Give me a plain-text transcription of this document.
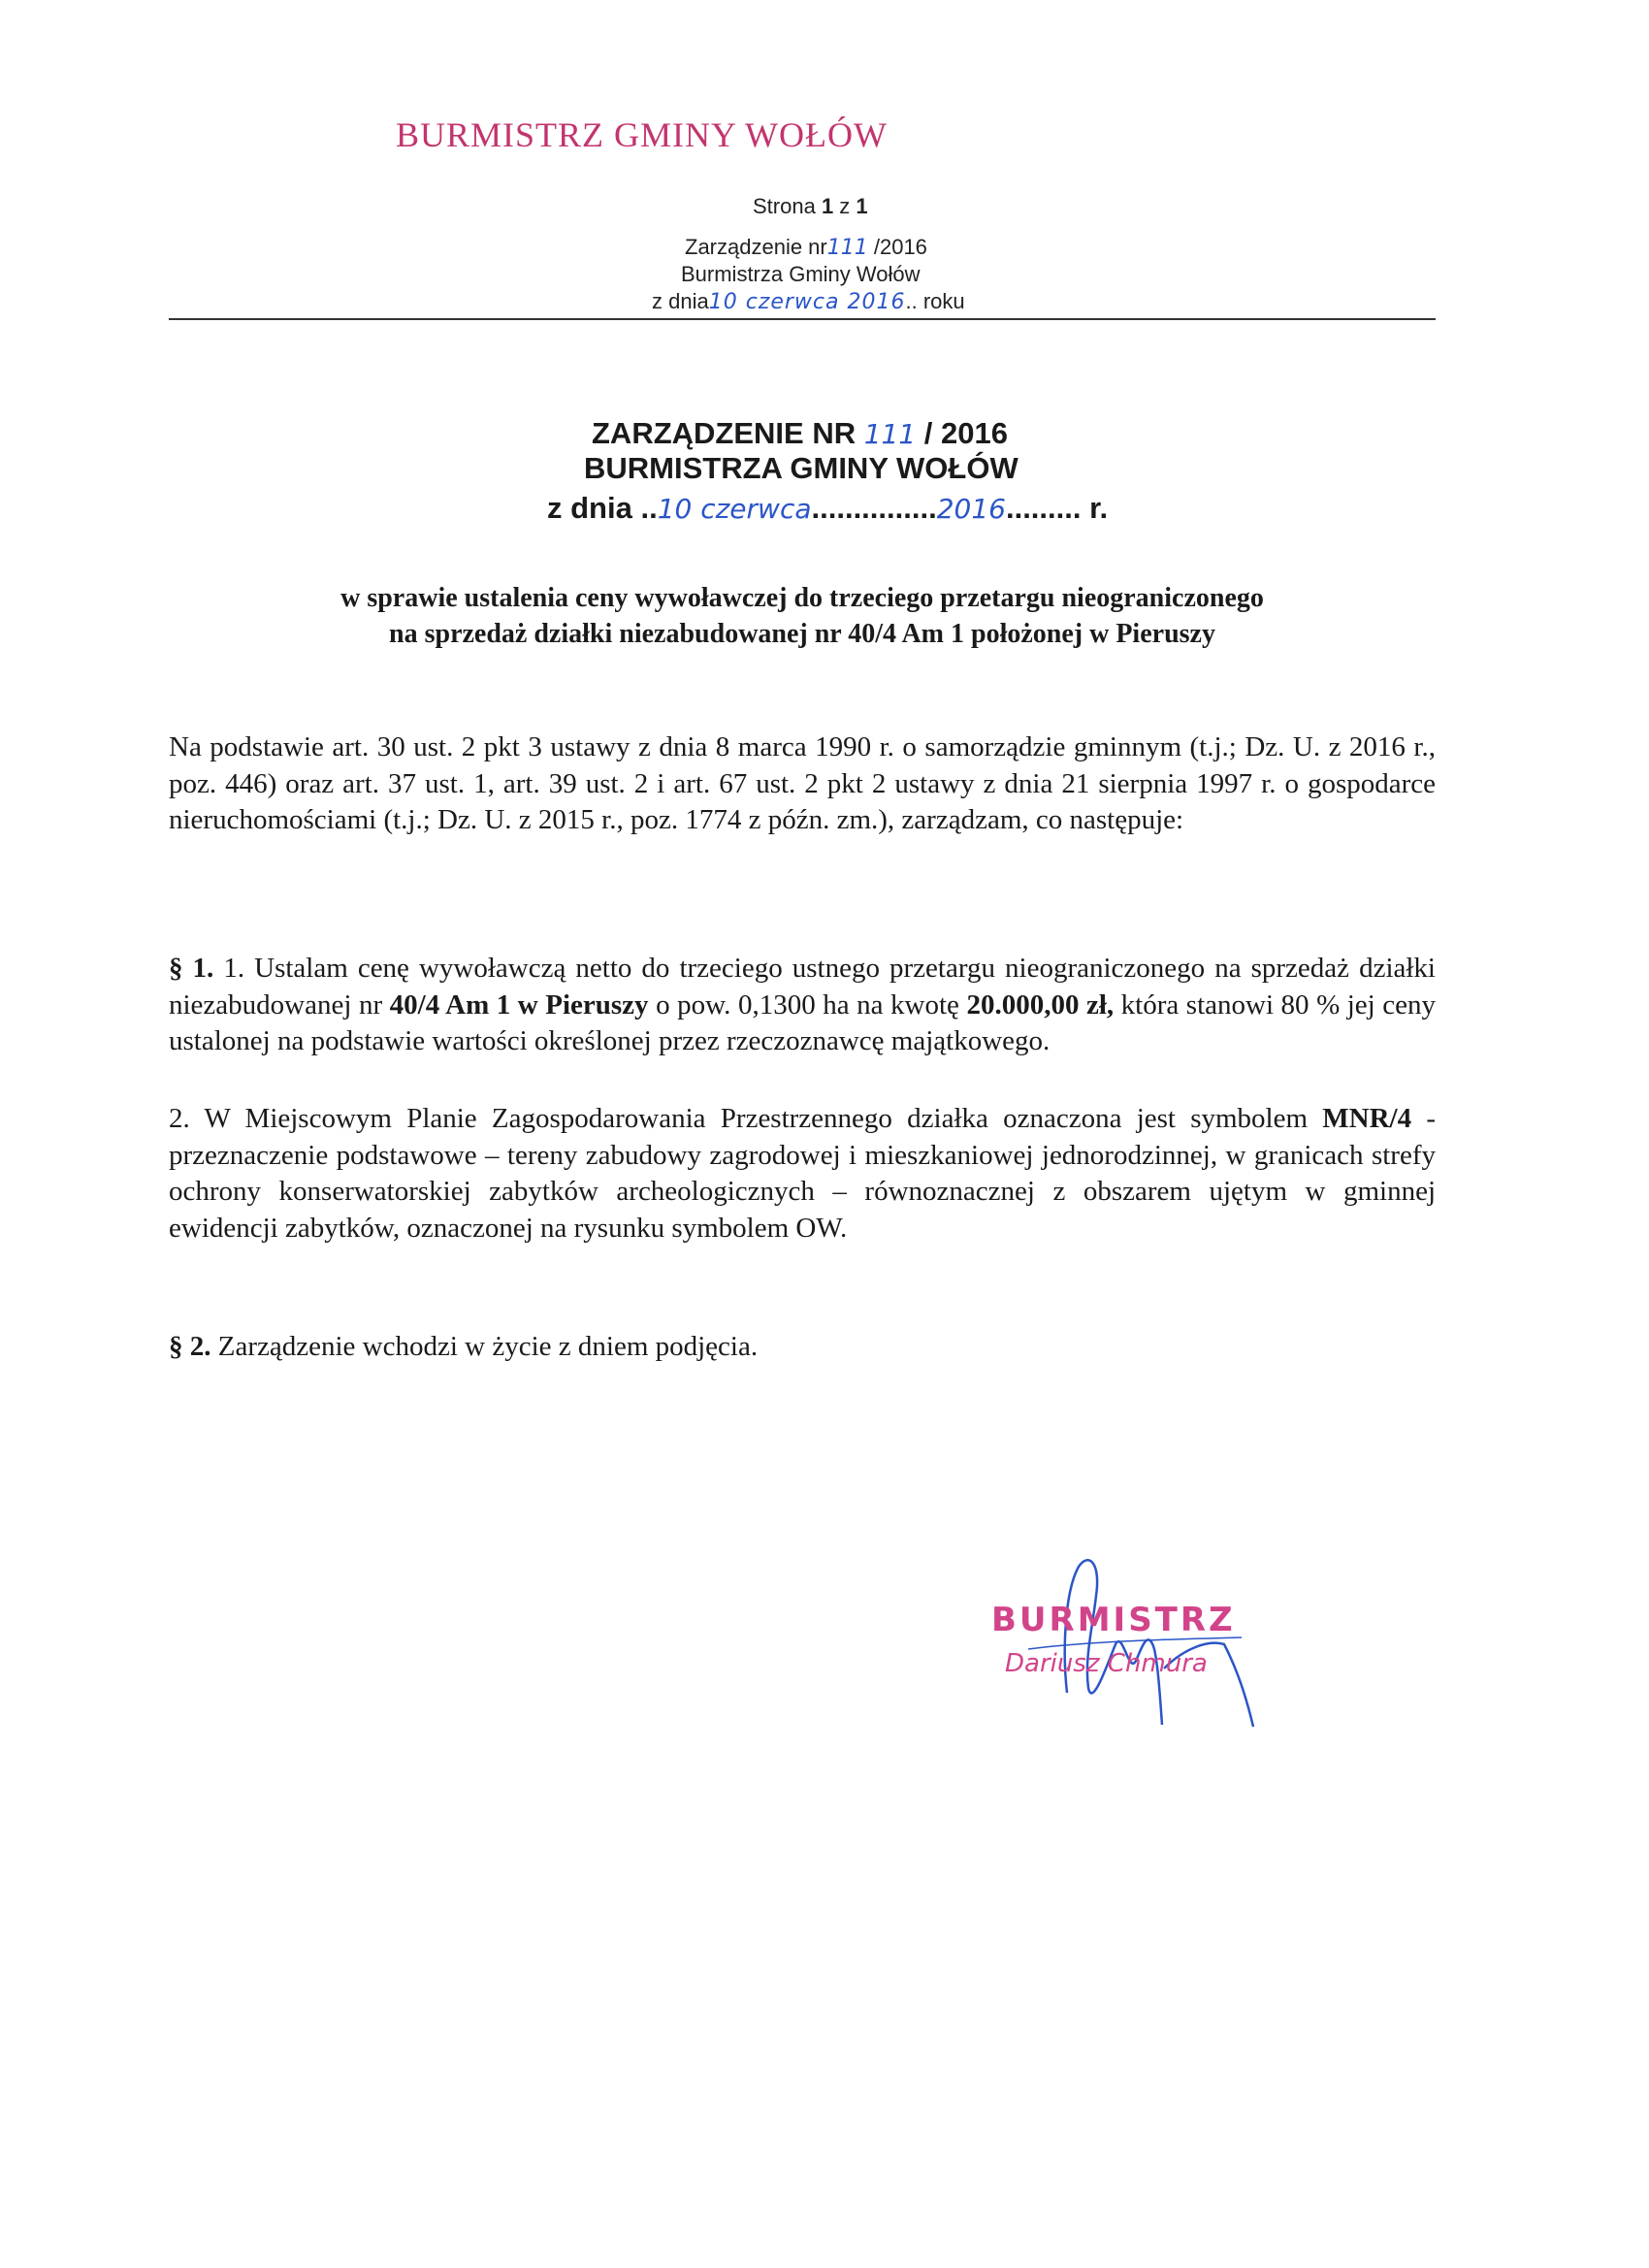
BURMISTRZ GMINY WOŁÓW
Strona 1 z 1
Zarządzenie nr111 /2016
Burmistrza Gminy Wołów
z dnia10 czerwca 2016.. roku
ZARZĄDZENIE NR 111 / 2016
BURMISTRZA GMINY WOŁÓW
z dnia ..10 czerwca...............2016......... r.
w sprawie ustalenia ceny wywoławczej do trzeciego przetargu nieograniczonego
na sprzedaż działki niezabudowanej nr 40/4 Am 1 położonej w Pieruszy
Na podstawie art. 30 ust. 2 pkt 3 ustawy z dnia 8 marca 1990 r. o samorządzie gminnym (t.j.; Dz. U. z 2016 r., poz. 446) oraz art. 37 ust. 1, art. 39 ust. 2 i art. 67 ust. 2 pkt 2 ustawy z dnia 21 sierpnia 1997 r. o gospodarce nieruchomościami (t.j.; Dz. U. z 2015 r., poz. 1774 z późn. zm.), zarządzam, co następuje:
§ 1. 1. Ustalam cenę wywoławczą netto do trzeciego ustnego przetargu nieograniczonego na sprzedaż działki niezabudowanej nr 40/4 Am 1 w Pieruszy o pow. 0,1300 ha na kwotę 20.000,00 zł, która stanowi 80 % jej ceny ustalonej na podstawie wartości określonej przez rzeczoznawcę majątkowego.
2. W Miejscowym Planie Zagospodarowania Przestrzennego działka oznaczona jest symbolem MNR/4 - przeznaczenie podstawowe – tereny zabudowy zagrodowej i mieszkaniowej jednorodzinnej, w granicach strefy ochrony konserwatorskiej zabytków archeologicznych – równoznacznej z obszarem ujętym w gminnej ewidencji zabytków, oznaczonej na rysunku symbolem OW.
§ 2. Zarządzenie wchodzi w życie z dniem podjęcia.
BURMISTRZ
Dariusz Chmura
